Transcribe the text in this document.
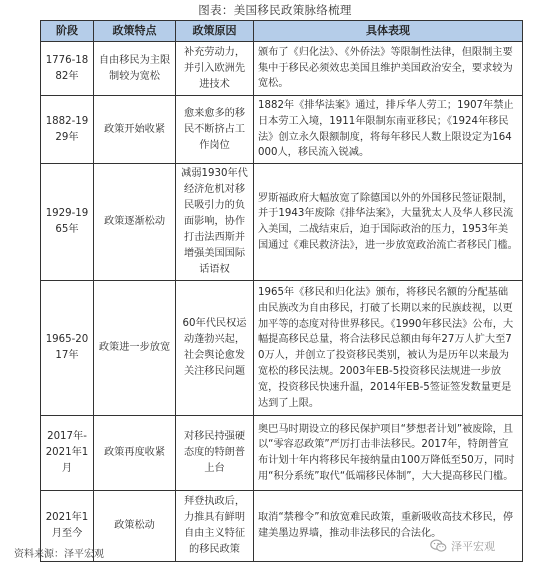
图表：美国移民政策脉络梳理
阶段	政策特点	政策原因	具体表现
1776-1882年	自由移民为主限制较为宽松	补充劳动力，并引入欧洲先进技术	颁布了《归化法》、《外侨法》等限制性法律，但限制主要集中于移民必须效忠美国且维护美国政治安全，要求较为宽松。
1882-1929年	政策开始收紧	愈来愈多的移民不断挤占工作岗位	1882年《排华法案》通过，排斥华人劳工；1907年禁止日本劳工入境，1911年限制东南亚移民；《1924年移民法》创立永久限额制度，将每年移民人数上限设定为164000人，移民流入锐减。
1929-1965年	政策逐渐松动	减弱1930年代经济危机对移民吸引力的负面影响，协作打击法西斯并增强美国国际话语权	罗斯福政府大幅放宽了除德国以外的外国移民签证限制，并于1943年废除《排华法案》，大量犹太人及华人移民流入美国，二战结束后，迫于国际政治的压力，1953年美国通过《难民救济法》，进一步放宽政治流亡者移民门槛。
1965-2017年	政策进一步放宽	60年代民权运动蓬勃兴起，社会舆论愈发关注移民问题	1965年《移民和归化法》颁布，将移民名额的分配基础由民族改为自由移民，打破了长期以来的民族歧视，以更加平等的态度对待世界移民。《1990年移民法》公布，大幅提高移民总量，将合法移民总额由每年27万人扩大至70万人，并创立了投资移民类别，被认为是历年以来最为宽松的移民法规。2003年EB-5投资移民法规进一步放宽，投资移民快速升温，2014年EB-5签证签发数量更是达到了上限。
2017年-2021年1月	政策再度收紧	对移民持强硬态度的特朗普上台	奥巴马时期设立的移民保护项目“梦想者计划”被废除，且以“零容忍政策”严厉打击非法移民。2017年，特朗普宣布计划十年内将移民年接纳量由100万降低至50万，同时用“积分系统”取代“低端移民体制”，大大提高移民门槛。
2021年1月至今	政策松动	拜登执政后，力推具有鲜明自由主义特征的移民政策	取消“禁穆令”和放宽难民政策，重新吸收高技术移民，停建美墨边界墙，推动非法移民的合法化。
资料来源：泽平宏观
泽平宏观
